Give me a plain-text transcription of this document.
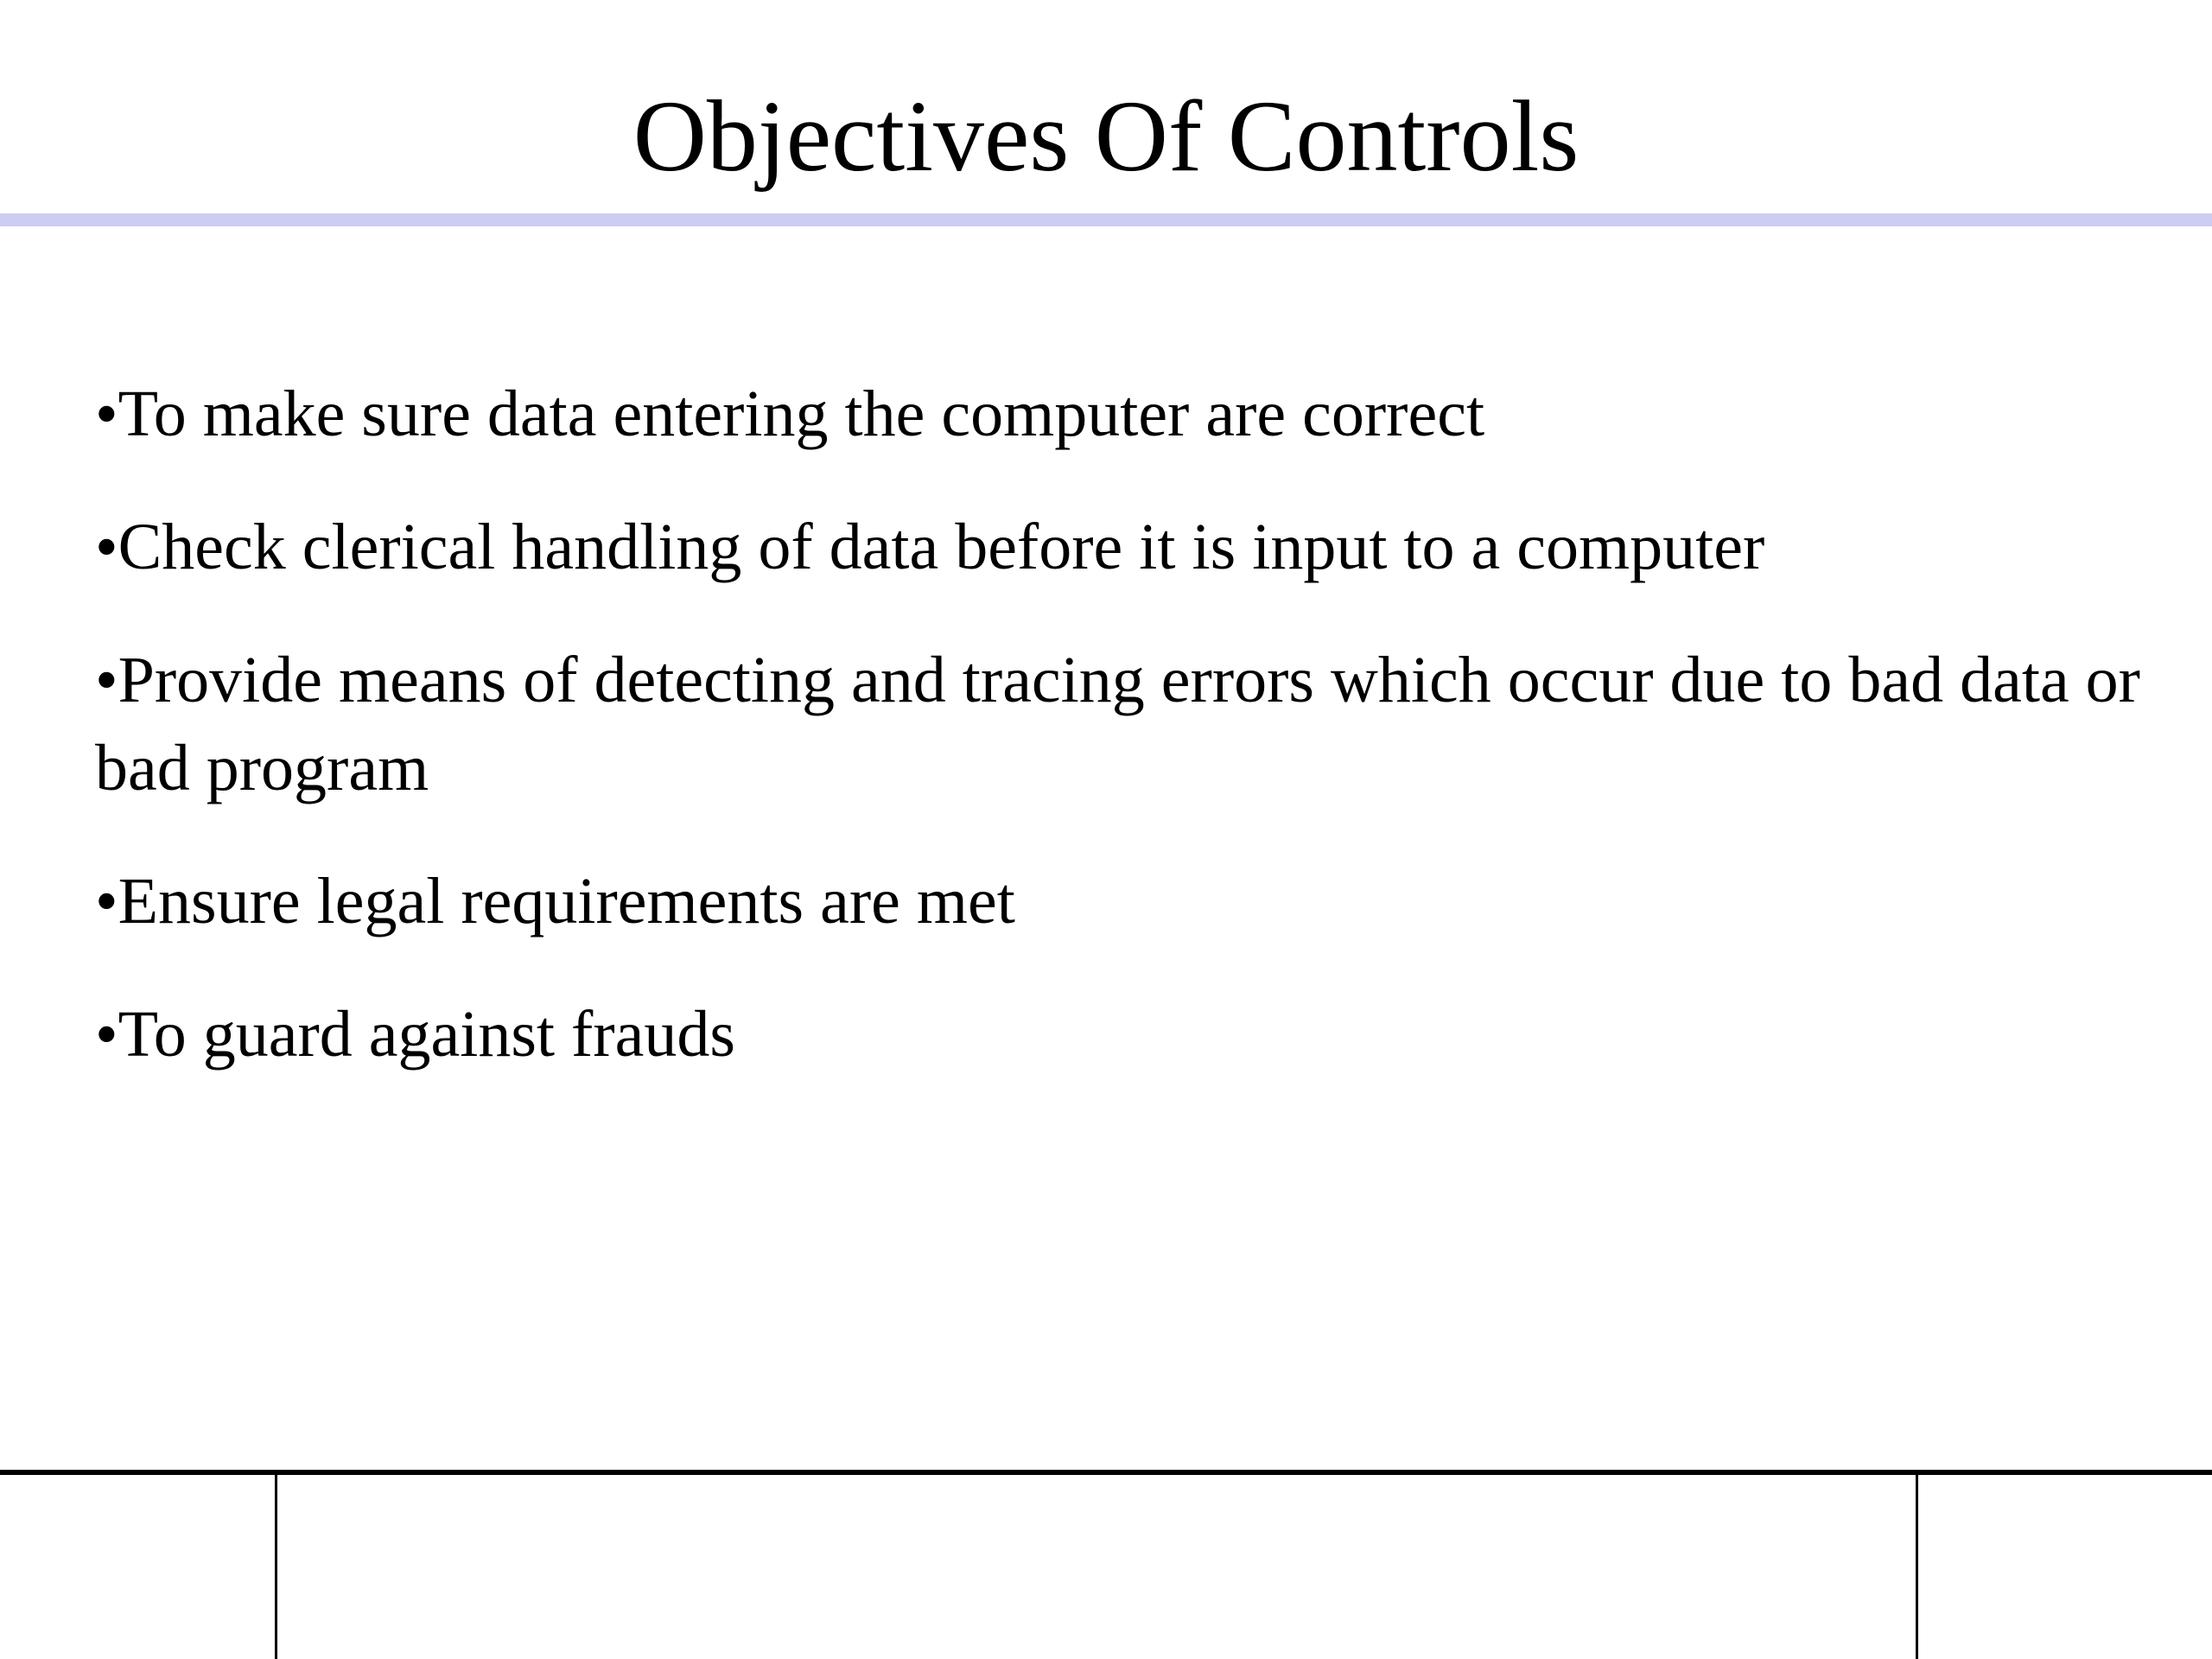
Objectives Of Controls
•To make sure data entering the computer are correct
•Check clerical handling of data before it is input to a computer
•Provide means of detecting and tracing errors which occur due to bad data or bad program
•Ensure legal requirements are met
•To guard against frauds
